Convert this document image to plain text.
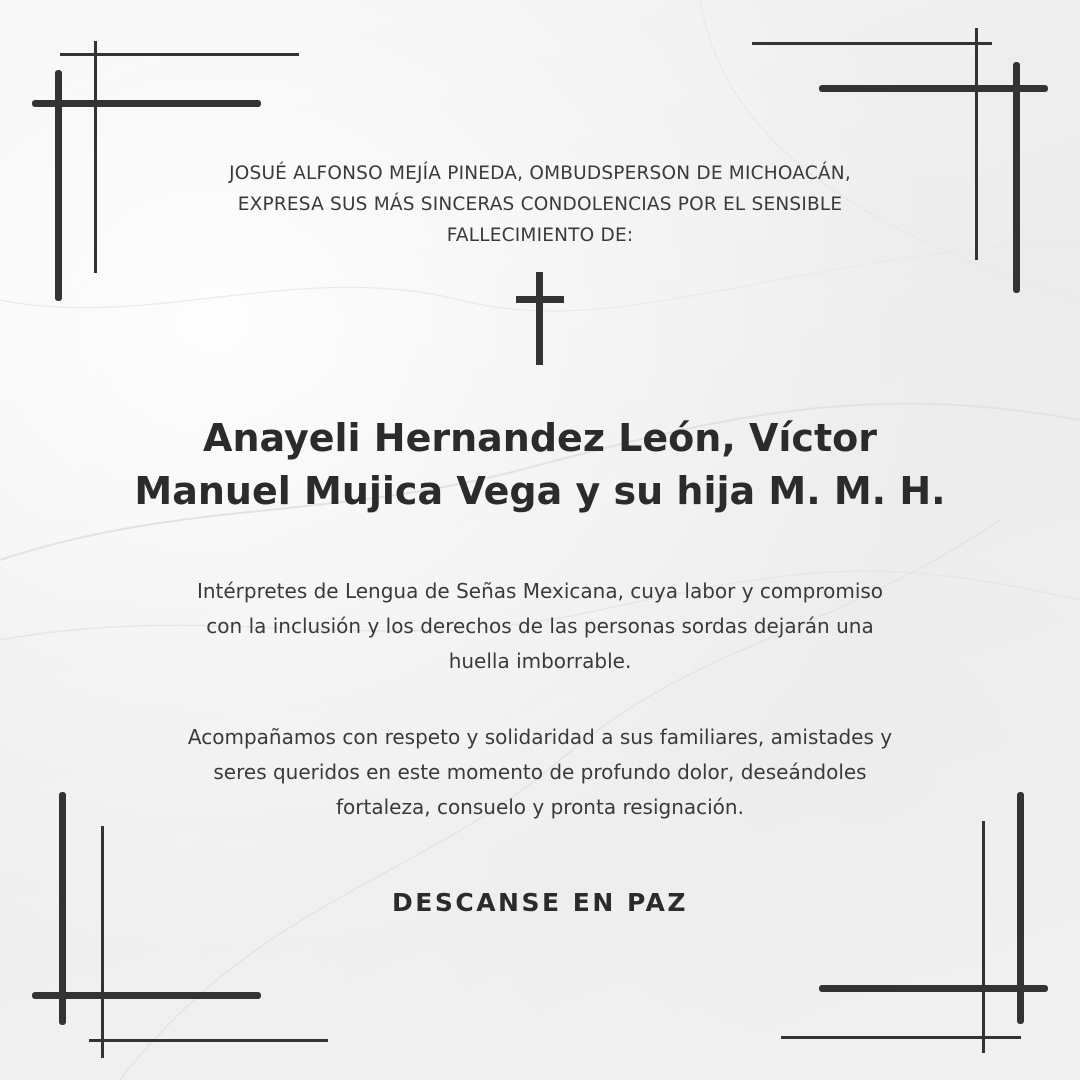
JOSUÉ ALFONSO MEJÍA PINEDA, OMBUDSPERSON DE MICHOACÁN,
EXPRESA SUS MÁS SINCERAS CONDOLENCIAS POR EL SENSIBLE
FALLECIMIENTO DE:
Anayeli Hernandez León, Víctor
Manuel Mujica Vega y su hija M. M. H.
Intérpretes de Lengua de Señas Mexicana, cuya labor y compromiso
con la inclusión y los derechos de las personas sordas dejarán una
huella imborrable.
Acompañamos con respeto y solidaridad a sus familiares, amistades y
seres queridos en este momento de profundo dolor, deseándoles
fortaleza, consuelo y pronta resignación.
DESCANSE EN PAZ
